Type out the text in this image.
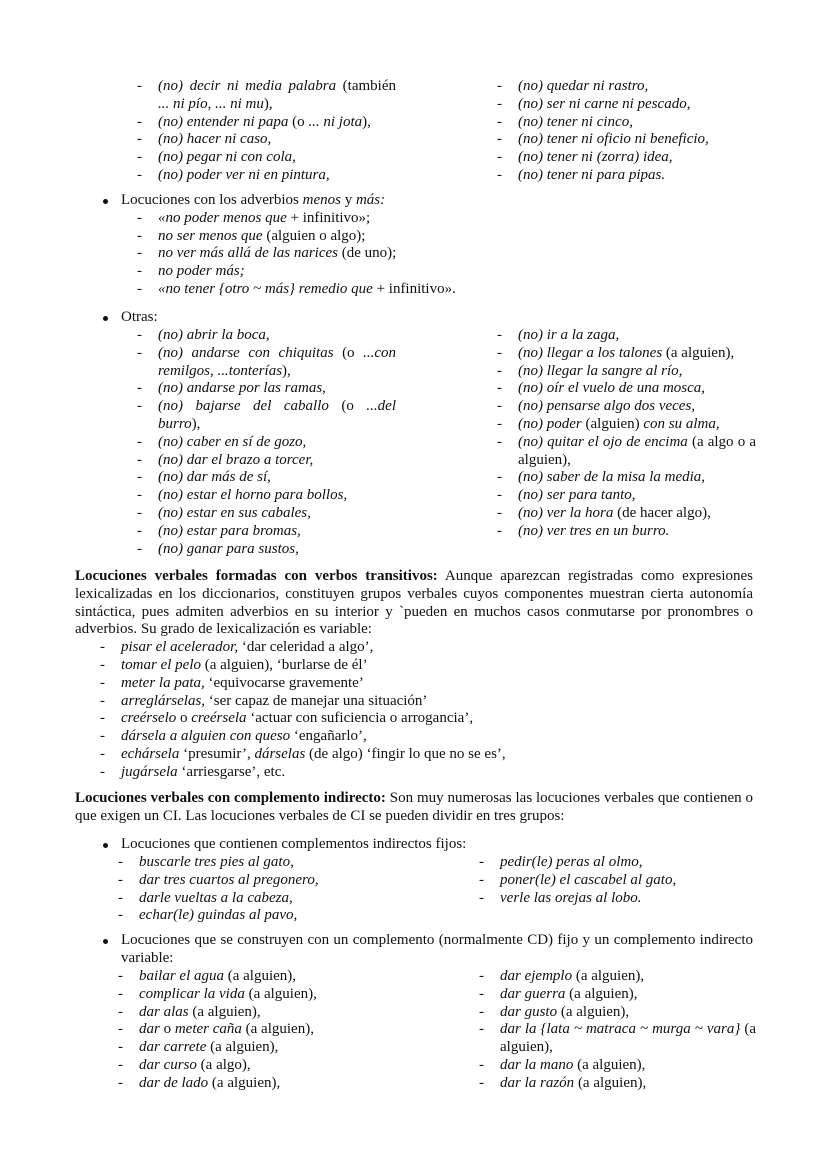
- (no) decir ni media palabra (también ... ni pío, ... ni mu),
- (no) entender ni papa (o ... ni jota),
- (no) hacer ni caso,
- (no) pegar ni con cola,
- (no) poder ver ni en pintura,
- (no) quedar ni rastro,
- (no) ser ni carne ni pescado,
- (no) tener ni cinco,
- (no) tener ni oficio ni beneficio,
- (no) tener ni (zorra) idea,
- (no) tener ni para pipas.
Locuciones con los adverbios menos y más:
- «no poder menos que + infinitivo»;
- no ser menos que (alguien o algo);
- no ver más allá de las narices (de uno);
- no poder más;
- «no tener {otro ~ más} remedio que + infinitivo».
Otras:
- (no) abrir la boca,
- (no) andarse con chiquitas (o ...con remilgos, ...tonterías),
- (no) andarse por las ramas,
- (no) bajarse del caballo (o ...del burro),
- (no) caber en sí de gozo,
- (no) dar el brazo a torcer,
- (no) dar más de sí,
- (no) estar el horno para bollos,
- (no) estar en sus cabales,
- (no) estar para bromas,
- (no) ganar para sustos,
- (no) ir a la zaga,
- (no) llegar a los talones (a alguien),
- (no) llegar la sangre al río,
- (no) oír el vuelo de una mosca,
- (no) pensarse algo dos veces,
- (no) poder (alguien) con su alma,
- (no) quitar el ojo de encima (a algo o a alguien),
- (no) saber de la misa la media,
- (no) ser para tanto,
- (no) ver la hora (de hacer algo),
- (no) ver tres en un burro.

Locuciones verbales formadas con verbos transitivos: Aunque aparezcan registradas como expresiones lexicalizadas en los diccionarios, constituyen grupos verbales cuyos componentes muestran cierta autonomía sintáctica, pues admiten adverbios en su interior y `pueden en muchos casos conmutarse por pronombres o adverbios. Su grado de lexicalización es variable:

- pisar el acelerador, ‘dar celeridad a algo’,
- tomar el pelo (a alguien), ‘burlarse de él’
- meter la pata, ‘equivocarse gravemente’
- arreglárselas, ‘ser capaz de manejar una situación’
- creérselo o creérsela ‘actuar con suficiencia o arrogancia’,
- dársela a alguien con queso ‘engañarlo’,
- echársela ‘presumir’, dárselas (de algo) ‘fingir lo que no se es’,
- jugársela ‘arriesgarse’, etc.

Locuciones verbales con complemento indirecto: Son muy numerosas las locuciones verbales que contienen o que exigen un CI. Las locuciones verbales de CI se pueden dividir en tres grupos:

Locuciones que contienen complementos indirectos fijos:
- buscarle tres pies al gato,
- dar tres cuartos al pregonero,
- darle vueltas a la cabeza,
- echar(le) guindas al pavo,
- pedir(le) peras al olmo,
- poner(le) el cascabel al gato,
- verle las orejas al lobo.

Locuciones que se construyen con un complemento (normalmente CD) fijo y un complemento indirecto variable:

- bailar el agua (a alguien),
- complicar la vida (a alguien),
- dar alas (a alguien),
- dar o meter caña (a alguien),
- dar carrete (a alguien),
- dar curso (a algo),
- dar de lado (a alguien),
- dar ejemplo (a alguien),
- dar guerra (a alguien),
- dar gusto (a alguien),
- dar la {lata ~ matraca ~ murga ~ vara} (a alguien),
- dar la mano (a alguien),
- dar la razón (a alguien),
